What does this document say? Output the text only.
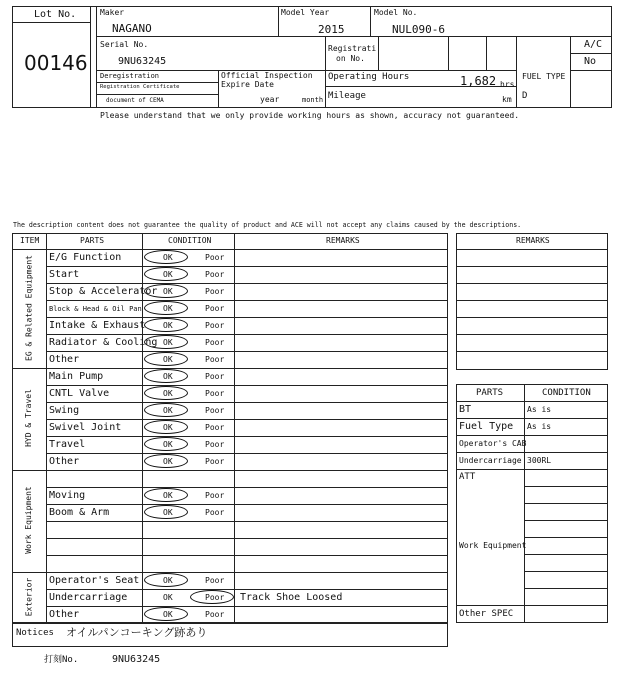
Lot No.
00146
Maker
NAGANO
Model Year
2015
Model No.
NUL090-6
Serial No.
9NU63245
Registrati
on No.
A/C
No
Deregistration
Registration Certificate
document of CEMA
Official Inspection
Expire Date
year	month
Operating Hours	1,682 hrs
Mileage	km
FUEL TYPE
D
Please understand that we only provide working hours as shown, accuracy not guaranteed.
The description content does not guarantee the quality of product and ACE will not accept any claims caused by the descriptions.
ITEM	PARTS	CONDITION	REMARKS
E/G Function	OK	Poor
Start	OK	Poor
Stop & Accelerator OK	Poor
Block & Head & Oil Pan	OK	Poor
Intake & Exhaust OK	Poor
Radiator & Cooling OK	Poor
Other	OK	Poor
EG & Related Equipment
Main Pump	OK	Poor
CNTL Valve	OK	Poor
Swing	OK	Poor
Swivel Joint	OK	Poor
Travel	OK	Poor
Other	OK	Poor
HYD & Travel
Moving	OK	Poor
Boom & Arm	OK	Poor
Work Equipment
Operator's Seat	OK	Poor
Undercarriage	OK	Poor Track Shoe Loosed
Other	OK	Poor
Exterior
Notices オイルパンコーキング跡あり
REMARKS
PARTS	CONDITION
BT	As is
Fuel Type As is
Operator's CAB
Undercarriage 300RL
ATT
Work Equipment
Other SPEC
打刻No.	9NU63245
